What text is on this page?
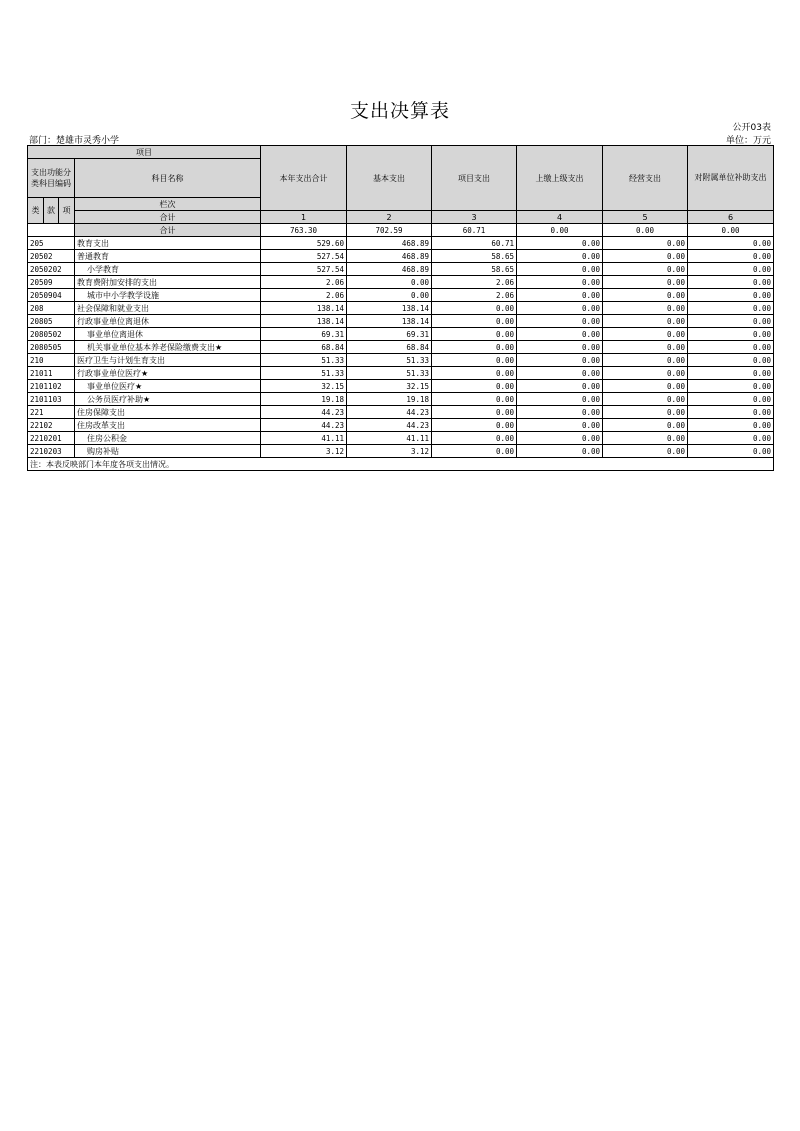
支出决算表
公开03表
部门：楚雄市灵秀小学	单位：万元
项目				本年支出合计	基本支出	项目支出	上缴上级支出	经营支出	对附属单位补助支出
支出功能分类科目编码			科目名称						
类	款	项	栏次						
			合计	1	2	3	4	5	6
			合计	763.30	702.59	60.71	0.00	0.00	0.00
205			教育支出	529.60	468.89	60.71	0.00	0.00	0.00
20502			普通教育	527.54	468.89	58.65	0.00	0.00	0.00
2050202			小学教育	527.54	468.89	58.65	0.00	0.00	0.00
20509			教育费附加安排的支出	2.06	0.00	2.06	0.00	0.00	0.00
2050904			城市中小学教学设施	2.06	0.00	2.06	0.00	0.00	0.00
208			社会保障和就业支出	138.14	138.14	0.00	0.00	0.00	0.00
20805			行政事业单位离退休	138.14	138.14	0.00	0.00	0.00	0.00
2080502			事业单位离退休	69.31	69.31	0.00	0.00	0.00	0.00
2080505			机关事业单位基本养老保险缴费支出★	68.84	68.84	0.00	0.00	0.00	0.00
210			医疗卫生与计划生育支出	51.33	51.33	0.00	0.00	0.00	0.00
21011			行政事业单位医疗★	51.33	51.33	0.00	0.00	0.00	0.00
2101102			事业单位医疗★	32.15	32.15	0.00	0.00	0.00	0.00
2101103			公务员医疗补助★	19.18	19.18	0.00	0.00	0.00	0.00
221			住房保障支出	44.23	44.23	0.00	0.00	0.00	0.00
22102			住房改革支出	44.23	44.23	0.00	0.00	0.00	0.00
2210201			住房公积金	41.11	41.11	0.00	0.00	0.00	0.00
2210203			购房补贴	3.12	3.12	0.00	0.00	0.00	0.00
注：本表反映部门本年度各项支出情况。									
